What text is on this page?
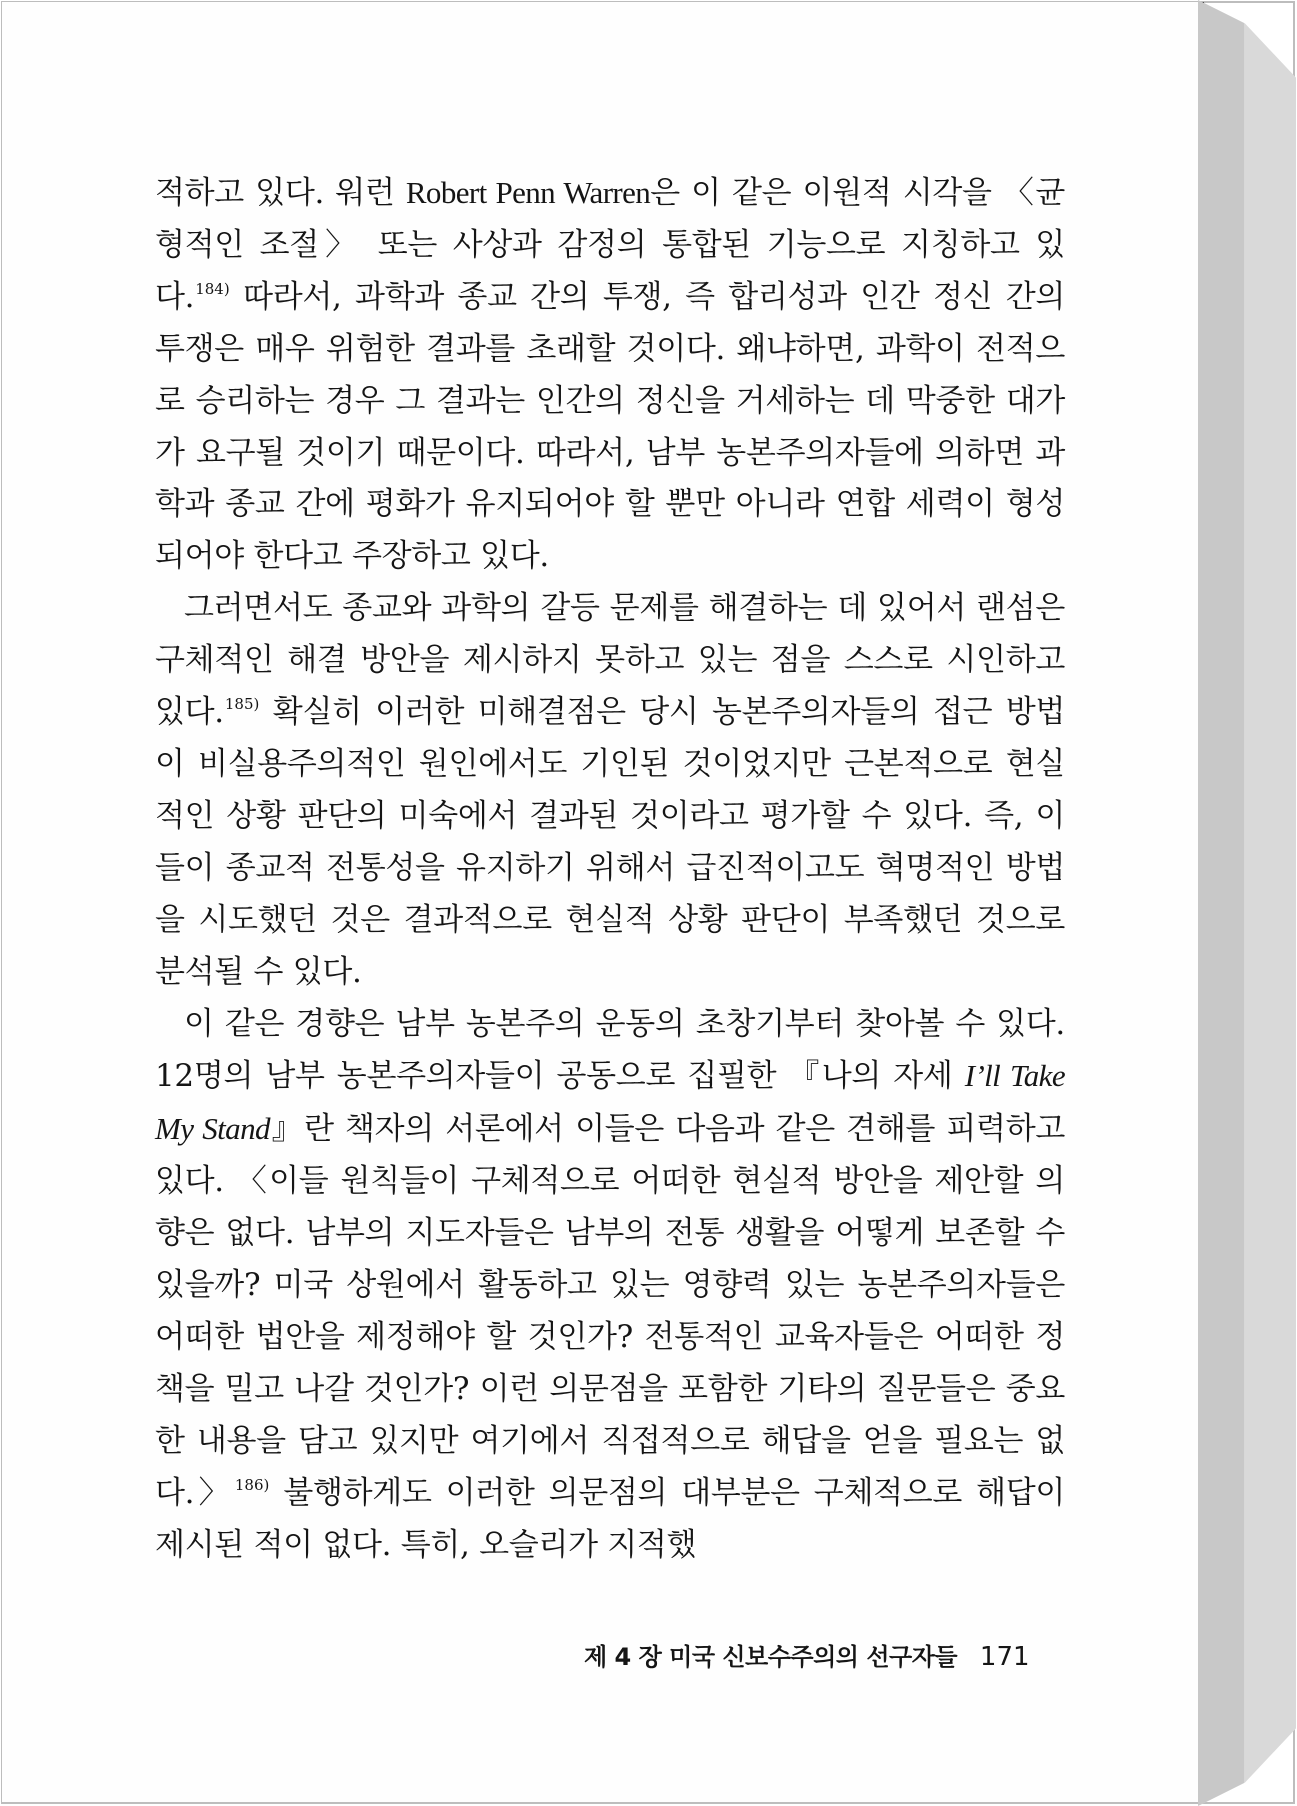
적하고 있다. 워런 Robert Penn Warren은 이 같은 이원적 시각을 〈균형적인 조절〉 또는 사상과 감정의 통합된 기능으로 지칭하고 있다.$^{184)}$ 따라서, 과학과 종교 간의 투쟁, 즉 합리성과 인간 정신 간의 투쟁은 매우 위험한 결과를 초래할 것이다. 왜냐하면, 과학이 전적으로 승리하는 경우 그 결과는 인간의 정신을 거세하는 데 막중한 대가가 요구될 것이기 때문이다. 따라서, 남부 농본주의자들에 의하면 과학과 종교 간에 평화가 유지되어야 할 뿐만 아니라 연합 세력이 형성되어야 한다고 주장하고 있다.

그러면서도 종교와 과학의 갈등 문제를 해결하는 데 있어서 랜섬은 구체적인 해결 방안을 제시하지 못하고 있는 점을 스스로 시인하고 있다.$^{185)}$ 확실히 이러한 미해결점은 당시 농본주의자들의 접근 방법이 비실용주의적인 원인에서도 기인된 것이었지만 근본적으로 현실적인 상황 판단의 미숙에서 결과된 것이라고 평가할 수 있다. 즉, 이들이 종교적 전통성을 유지하기 위해서 급진적이고도 혁명적인 방법을 시도했던 것은 결과적으로 현실적 상황 판단이 부족했던 것으로 분석될 수 있다.

이 같은 경향은 남부 농본주의 운동의 초창기부터 찾아볼 수 있다. 12명의 남부 농본주의자들이 공동으로 집필한 『나의 자세 I’ll Take My Stand』란 책자의 서론에서 이들은 다음과 같은 견해를 피력하고 있다. 〈이들 원칙들이 구체적으로 어떠한 현실적 방안을 제안할 의향은 없다. 남부의 지도자들은 남부의 전통 생활을 어떻게 보존할 수 있을까? 미국 상원에서 활동하고 있는 영향력 있는 농본주의자들은 어떠한 법안을 제정해야 할 것인가? 전통적인 교육자들은 어떠한 정책을 밀고 나갈 것인가? 이런 의문점을 포함한 기타의 질문들은 중요한 내용을 담고 있지만 여기에서 직접적으로 해답을 얻을 필요는 없다.〉$^{186)}$ 불행하게도 이러한 의문점의 대부분은 구체적으로 해답이 제시된 적이 없다. 특히, 오슬리가 지적했

제 4 장 미국 신보수주의의 선구자들 171
